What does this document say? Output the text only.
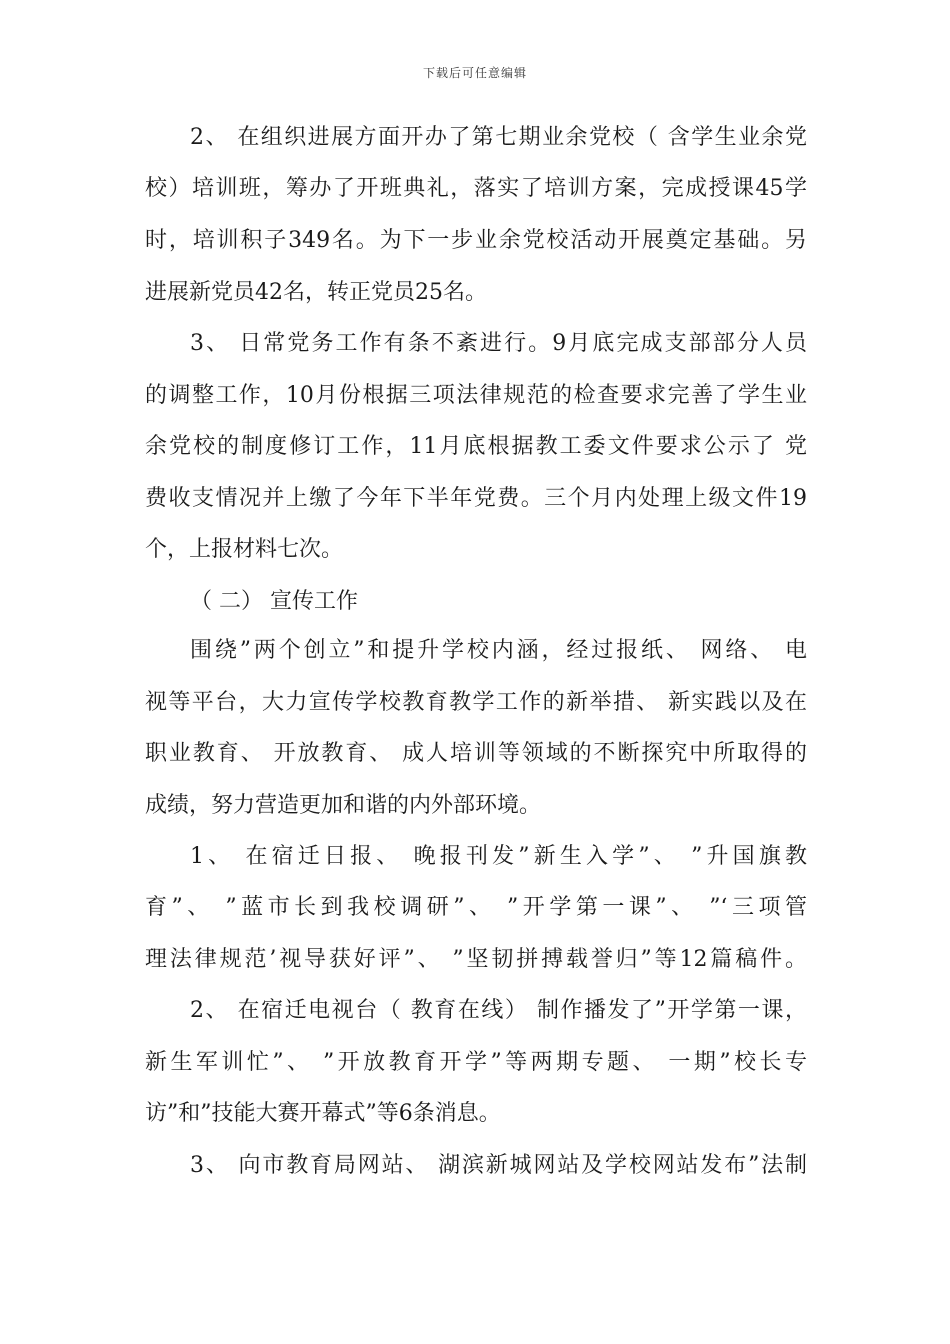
下载后可任意编辑
2、 在组织进展方面开办了第七期业余党校（ 含学生业余党
校）培训班，筹办了开班典礼，落实了培训方案，完成授课45学
时，培训积子349名。为下一步业余党校活动开展奠定基础。另
进展新党员42名，转正党员25名。
3、 日常党务工作有条不紊进行。9月底完成支部部分人员
的调整工作，10月份根据三项法律规范的检查要求完善了学生业
余党校的制度修订工作，11月底根据教工委文件要求公示了 党
费收支情况并上缴了今年下半年党费。三个月内处理上级文件19
个，上报材料七次。
（ 二） 宣传工作
围绕”两个创立”和提升学校内涵，经过报纸、 网络、 电
视等平台，大力宣传学校教育教学工作的新举措、 新实践以及在
职业教育、 开放教育、 成人培训等领域的不断探究中所取得的
成绩，努力营造更加和谐的内外部环境。
1、 在宿迁日报、 晚报刊发”新生入学”、 ”升国旗教
育”、 ”蓝市长到我校调研”、 ”开学第一课”、 ”‘三项管
理法律规范’视导获好评”、 ”坚韧拼搏载誉归”等12篇稿件。
2、 在宿迁电视台（ 教育在线） 制作播发了”开学第一课，
新生军训忙”、 ”开放教育开学”等两期专题、 一期”校长专
访”和”技能大赛开幕式”等6条消息。
3、 向市教育局网站、 湖滨新城网站及学校网站发布”法制
